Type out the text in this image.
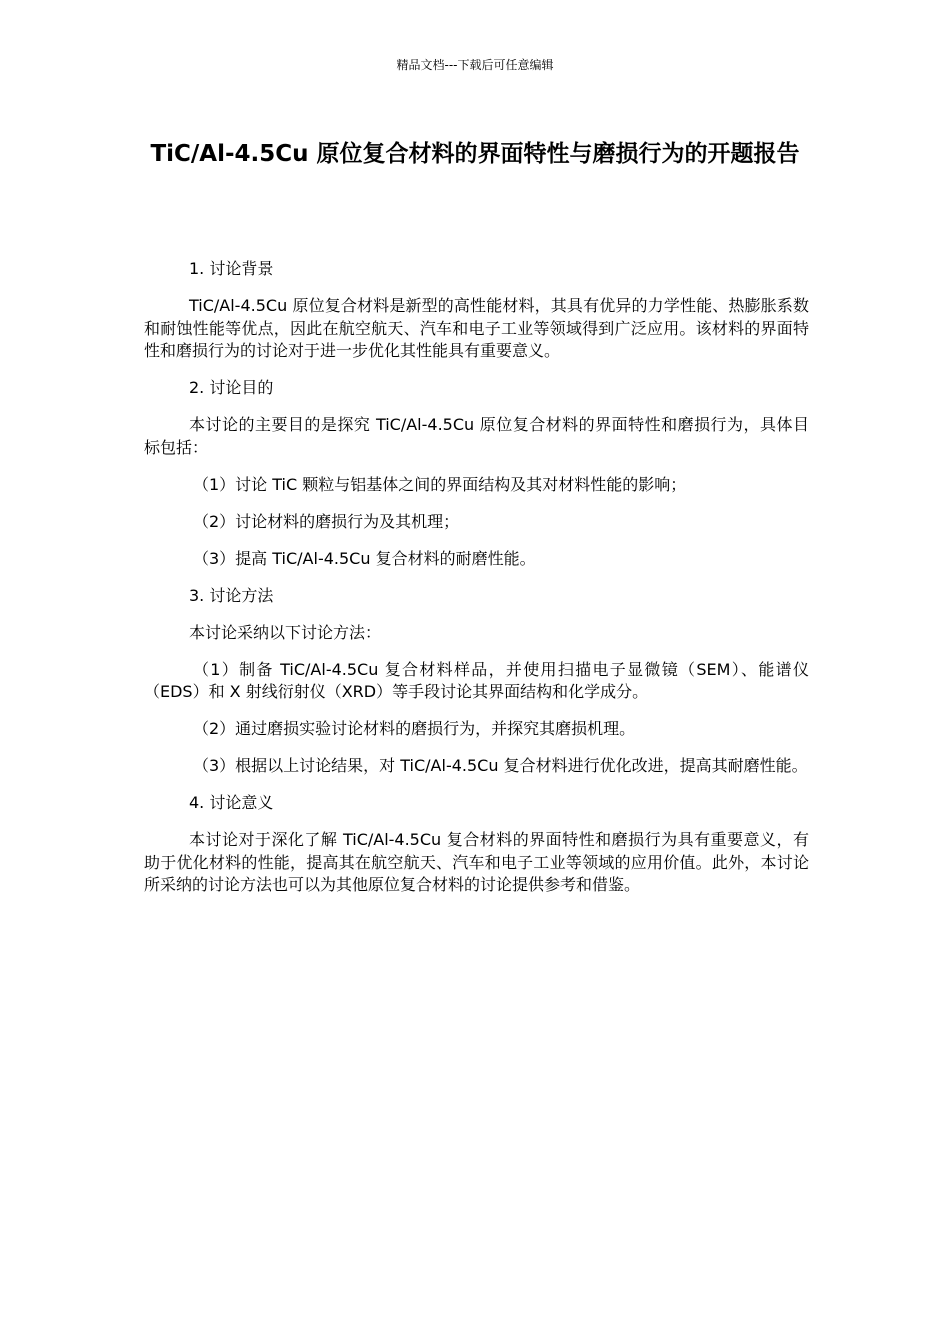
精品文档---下载后可任意编辑
TiC/Al-4.5Cu 原位复合材料的界面特性与磨损行为的开题报告

1. 讨论背景

TiC/Al-4.5Cu 原位复合材料是新型的高性能材料，其具有优异的力学性能、热膨胀系数和耐蚀性能等优点，因此在航空航天、汽车和电子工业等领域得到广泛应用。该材料的界面特性和磨损行为的讨论对于进一步优化其性能具有重要意义。

2. 讨论目的

本讨论的主要目的是探究 TiC/Al-4.5Cu 原位复合材料的界面特性和磨损行为，具体目标包括：

（1）讨论 TiC 颗粒与铝基体之间的界面结构及其对材料性能的影响；

（2）讨论材料的磨损行为及其机理；

（3）提高 TiC/Al-4.5Cu 复合材料的耐磨性能。

3. 讨论方法

本讨论采纳以下讨论方法：

（1）制备 TiC/Al-4.5Cu 复合材料样品，并使用扫描电子显微镜（SEM）、能谱仪（EDS）和 X 射线衍射仪（XRD）等手段讨论其界面结构和化学成分。

（2）通过磨损实验讨论材料的磨损行为，并探究其磨损机理。

（3）根据以上讨论结果，对 TiC/Al-4.5Cu 复合材料进行优化改进，提高其耐磨性能。

4. 讨论意义

本讨论对于深化了解 TiC/Al-4.5Cu 复合材料的界面特性和磨损行为具有重要意义，有助于优化材料的性能，提高其在航空航天、汽车和电子工业等领域的应用价值。此外，本讨论所采纳的讨论方法也可以为其他原位复合材料的讨论提供参考和借鉴。
